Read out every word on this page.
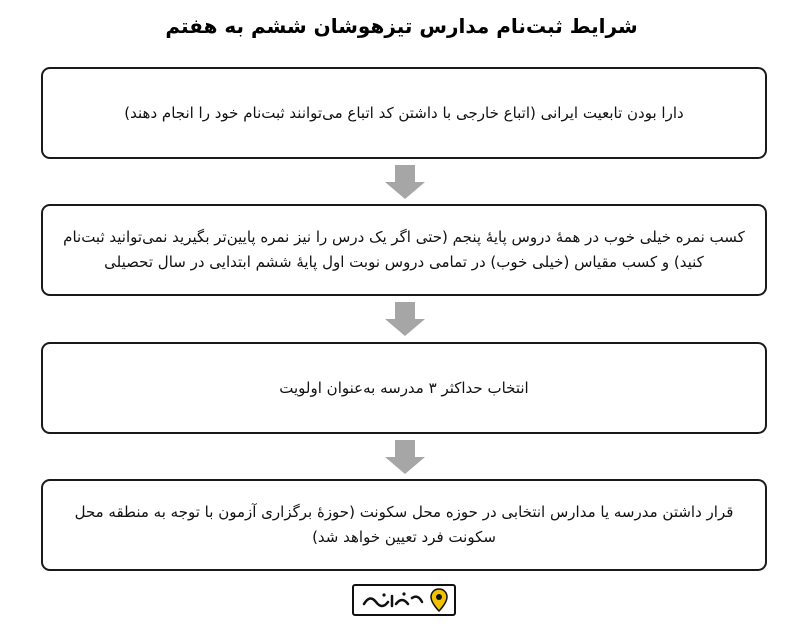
شرایط ثبت‌نام مدارس تیزهوشان ششم به هفتم
دارا بودن تابعیت ایرانی (اتباع خارجی با داشتن کد اتباع می‌توانند ثبت‌نام خود را انجام دهند)
کسب نمره خیلی خوب در همهٔ دروس پایهٔ پنجم (حتی اگر یک درس را نیز نمره پایین‌تر بگیرید نمی‌توانید ثبت‌نام کنید) و کسب مقیاس (خیلی خوب) در تمامی دروس نوبت اول پایهٔ ششم ابتدایی در سال تحصیلی
انتخاب حداکثر ۳ مدرسه به‌عنوان اولویت
قرار داشتن مدرسه یا مدارس انتخابی در حوزه محل سکونت (حوزهٔ برگزاری آزمون با توجه به منطقه محل سکونت فرد تعیین خواهد شد)
